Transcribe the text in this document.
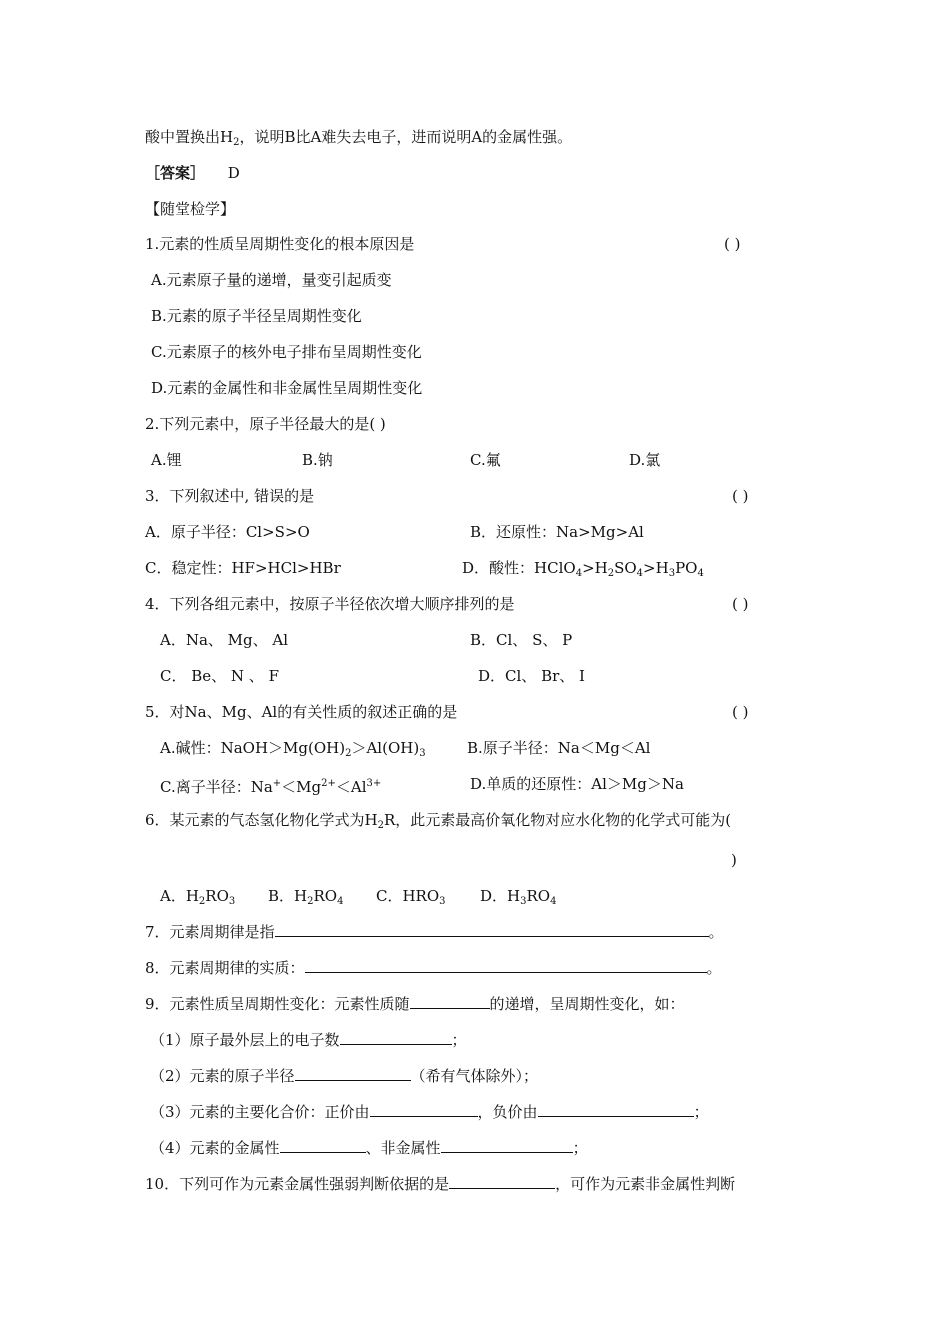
酸中置换出$H_2$，说明B比A难失去电子，进而说明A的金属性强。
［答案］ D
【随堂检学】
1.元素的性质呈周期性变化的根本原因是	( )
A.元素原子量的递增，量变引起质变
B.元素的原子半径呈周期性变化
C.元素原子的核外电子排布呈周期性变化
D.元素的金属性和非金属性呈周期性变化
2.下列元素中，原子半径最大的是( )
A.锂	B.钠	C.氟	D.氯
3．下列叙述中, 错误的是	( )
A．原子半径：Cl>S>O	B．还原性：Na>Mg>Al
C．稳定性：HF>HCl>HBr	D．酸性：$HClO_4>H_2SO_4>H_3PO_4$
4．下列各组元素中，按原子半径依次增大顺序排列的是	( )
A．Na、 Mg、 Al	B．Cl、 S、 P
C． Be、 N 、 F	D．Cl、 Br、 I
5．对Na、Mg、Al的有关性质的叙述正确的是	( )
A.碱性：$NaOH>Mg(OH)_2>Al(OH)_3$	B.原子半径：Na＜Mg＜Al
C.离子半径：$Na^+<Mg^{2+}<Al^{3+}$	D.单质的还原性：Al＞Mg＞Na
6．某元素的气态氢化物化学式为$H_2R$，此元素最高价氧化物对应水化物的化学式可能为(
)
A．$H_2RO_3$ B．$H_2RO_4$ C．$HRO_3$ D．$H_3RO_4$
7．元素周期律是指	。
8．元素周期律的实质：	。
9．元素性质呈周期性变化：元素性质随	的递增，呈周期性变化，如：
（1）原子最外层上的电子数	；
（2）元素的原子半径	（希有气体除外）；
（3）元素的主要化合价：正价由	，负价由	；
（4）元素的金属性	、非金属性	；
10．下列可作为元素金属性强弱判断依据的是	，可作为元素非金属性判断
